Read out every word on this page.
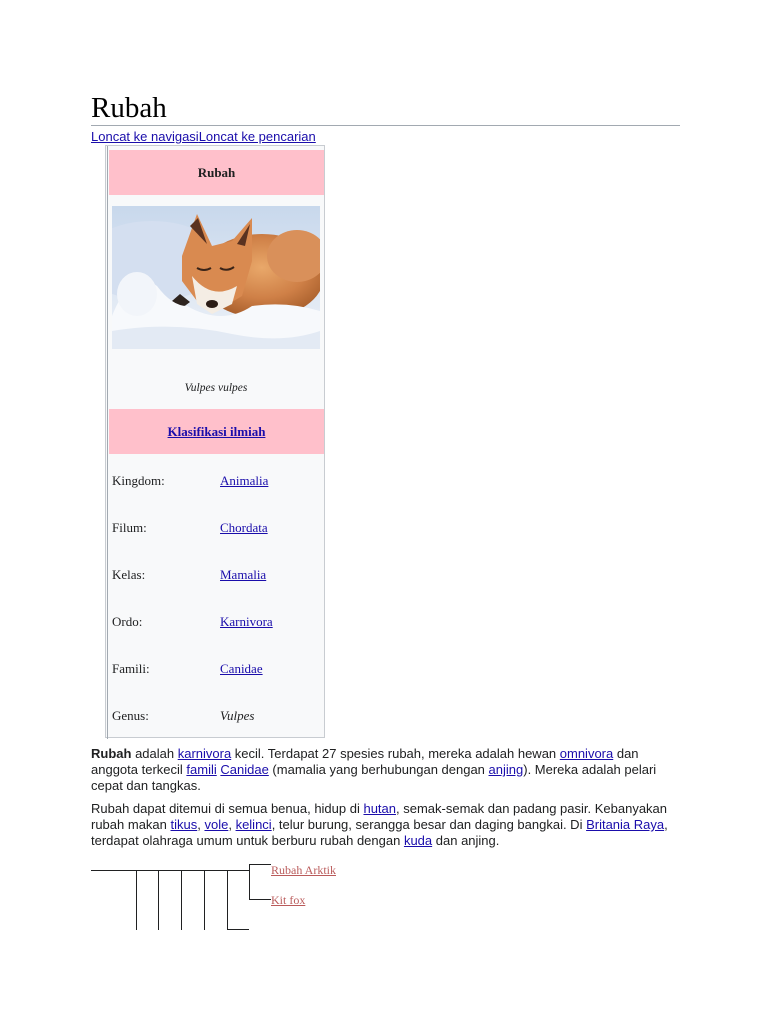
Rubah
Loncat ke navigasiLoncat ke pencarian
Rubah
Vulpes vulpes
Klasifikasi ilmiah
Kingdom:	Animalia
Filum:	Chordata
Kelas:	Mamalia
Ordo:	Karnivora
Famili:	Canidae
Genus:	Vulpes

Rubah adalah karnivora kecil. Terdapat 27 spesies rubah, mereka adalah hewan omnivora dan anggota terkecil famili Canidae (mamalia yang berhubungan dengan anjing). Mereka adalah pelari cepat dan tangkas.

Rubah dapat ditemui di semua benua, hidup di hutan, semak-semak dan padang pasir. Kebanyakan rubah makan tikus, vole, kelinci, telur burung, serangga besar dan daging bangkai. Di Britania Raya, terdapat olahraga umum untuk berburu rubah dengan kuda dan anjing.

Rubah Arktik
Kit fox
